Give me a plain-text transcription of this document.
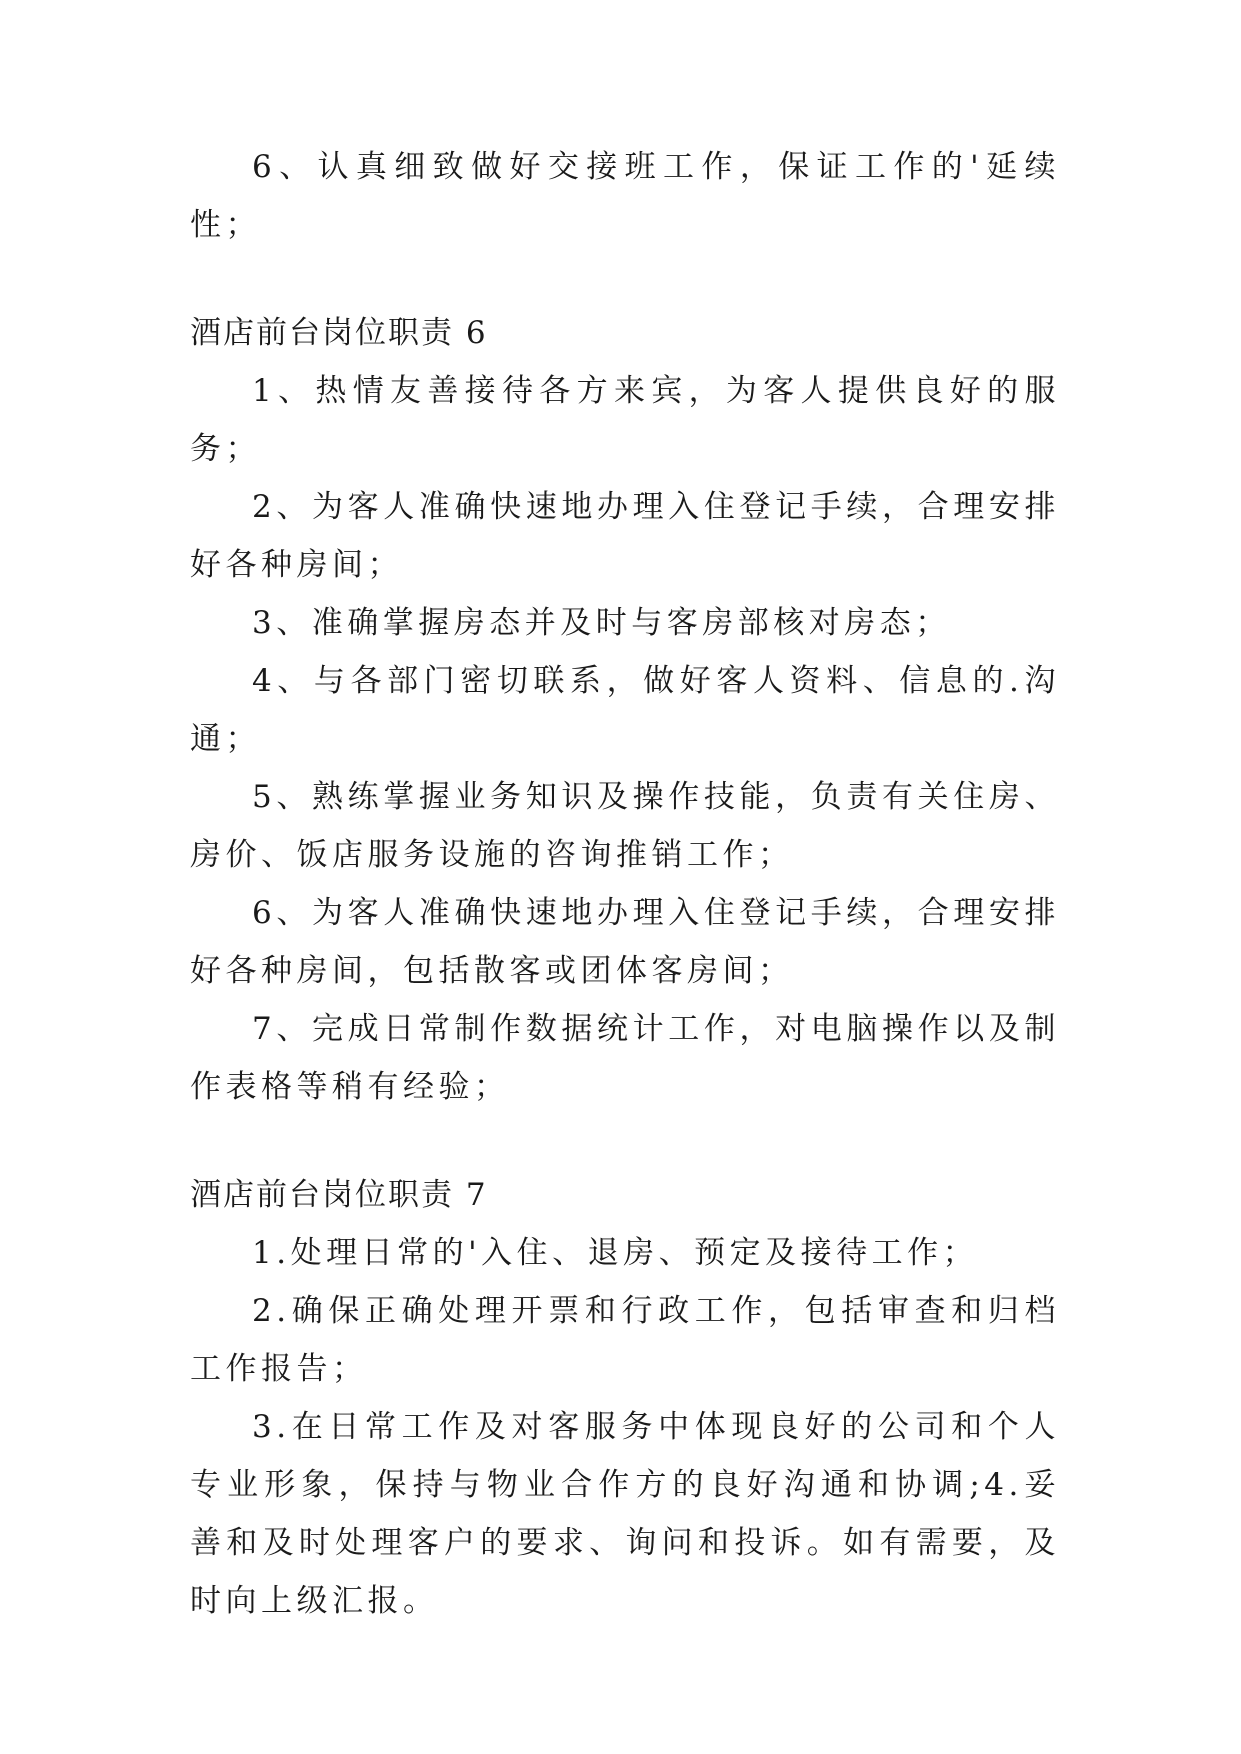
6、认真细致做好交接班工作，保证工作的'延续性；

酒店前台岗位职责 6

1、热情友善接待各方来宾，为客人提供良好的服务；

2、为客人准确快速地办理入住登记手续，合理安排好各种房间；

3、准确掌握房态并及时与客房部核对房态；

4、与各部门密切联系，做好客人资料、信息的.沟通；

5、熟练掌握业务知识及操作技能，负责有关住房、房价、饭店服务设施的咨询推销工作；

6、为客人准确快速地办理入住登记手续，合理安排好各种房间，包括散客或团体客房间；

7、完成日常制作数据统计工作，对电脑操作以及制作表格等稍有经验；

酒店前台岗位职责 7

1.处理日常的'入住、退房、预定及接待工作；

2.确保正确处理开票和行政工作，包括审查和归档工作报告；

3.在日常工作及对客服务中体现良好的公司和个人专业形象，保持与物业合作方的良好沟通和协调;4.妥善和及时处理客户的要求、询问和投诉。如有需要，及时向上级汇报。
